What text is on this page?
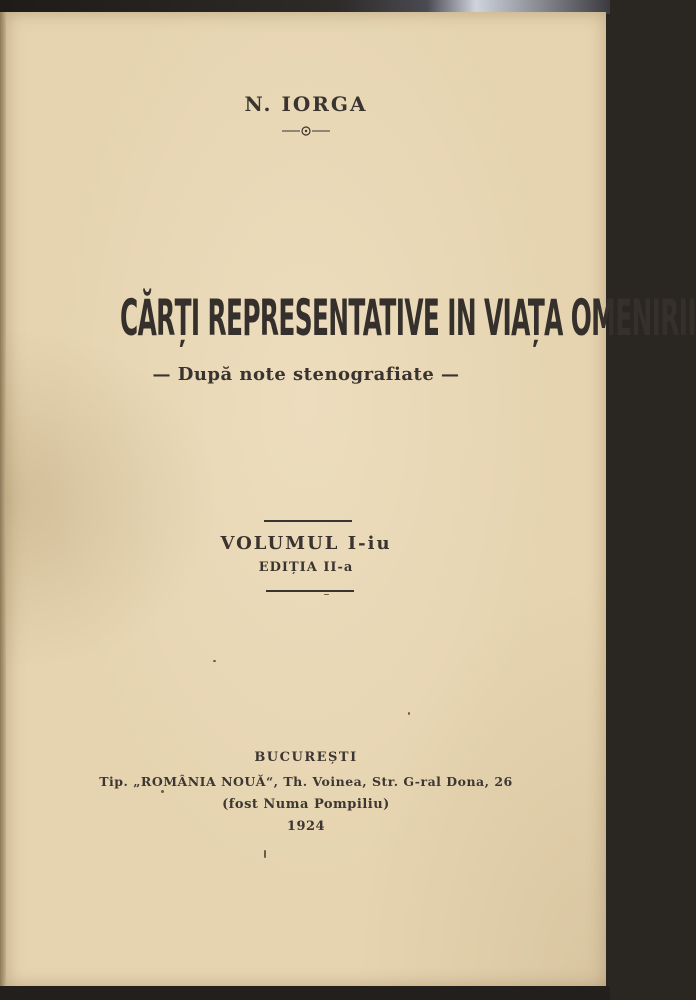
N. IORGA

CĂRȚI REPRESENTATIVE IN VIAȚA OMENIRII

— După note stenografiate —

VOLUMUL I-iu

EDIȚIA II-a

BUCUREȘTI

Tip. „ROMÂNIA NOUĂ“, Th. Voinea, Str. G-ral Dona, 26

(fost Numa Pompiliu)

1924
